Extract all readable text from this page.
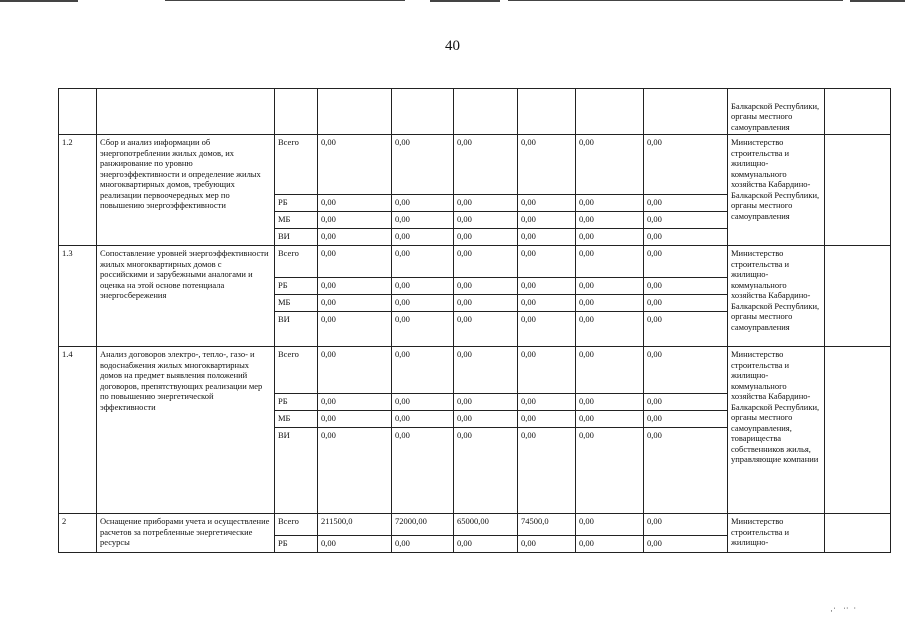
40
									Балкарской Республики, органы местного самоуправления	
1.2	Сбор и анализ информации об энергопотреблении жилых домов, их ранжирование по уровню энергоэффективности и определение жилых многоквартирных домов, требующих реализации первоочередных мер по повышению энергоэффективности	Всего	0,00	0,00	0,00	0,00	0,00	0,00	Министерство строительства и жилищно-коммунального хозяйства Кабардино-Балкарской Республики, органы местного самоуправления	
		РБ	0,00	0,00	0,00	0,00	0,00	0,00		
		МБ	0,00	0,00	0,00	0,00	0,00	0,00		
		ВИ	0,00	0,00	0,00	0,00	0,00	0,00		
1.3	Сопоставление уровней энергоэффективности жилых многоквартирных домов с российскими и зарубежными аналогами и оценка на этой основе потенциала энергосбережения	Всего	0,00	0,00	0,00	0,00	0,00	0,00	Министерство строительства и жилищно-коммунального хозяйства Кабардино-Балкарской Республики, органы местного самоуправления	
		РБ	0,00	0,00	0,00	0,00	0,00	0,00		
		МБ	0,00	0,00	0,00	0,00	0,00	0,00		
		ВИ	0,00	0,00	0,00	0,00	0,00	0,00		
1.4	Анализ договоров электро-, тепло-, газо- и водоснабжения жилых многоквартирных домов на предмет выявления положений договоров, препятствующих реализации мер по повышению энергетической эффективности	Всего	0,00	0,00	0,00	0,00	0,00	0,00	Министерство строительства и жилищно-коммунального хозяйства Кабардино-Балкарской Республики, органы местного самоуправления, товарищества собственников жилья, управляющие компании	
		РБ	0,00	0,00	0,00	0,00	0,00	0,00		
		МБ	0,00	0,00	0,00	0,00	0,00	0,00		
		ВИ	0,00	0,00	0,00	0,00	0,00	0,00		
2	Оснащение приборами учета и осуществление расчетов за потребленные энергетические ресурсы	Всего	211500,0	72000,00	65000,00	74500,0	0,00	0,00	Министерство строительства и жилищно-	
		РБ	0,00	0,00	0,00	0,00	0,00	0,00		
·ˈ   ˈ˙  ˙
